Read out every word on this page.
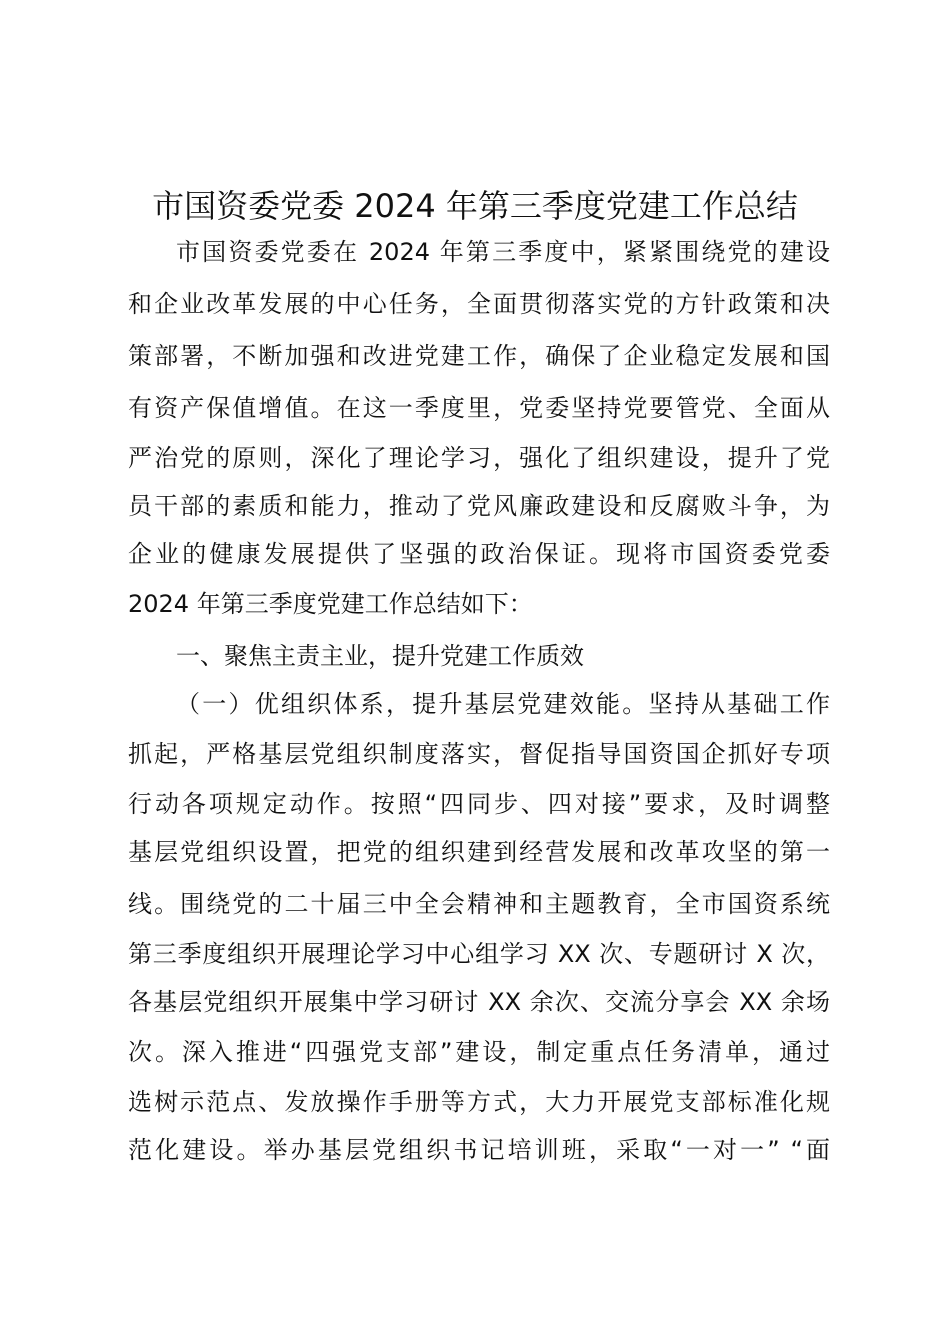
市国资委党委 2024 年第三季度党建工作总结
市国资委党委在 2024 年第三季度中，紧紧围绕党的建设
和企业改革发展的中心任务，全面贯彻落实党的方针政策和决
策部署，不断加强和改进党建工作，确保了企业稳定发展和国
有资产保值增值。在这一季度里，党委坚持党要管党、全面从
严治党的原则，深化了理论学习，强化了组织建设，提升了党
员干部的素质和能力，推动了党风廉政建设和反腐败斗争，为
企业的健康发展提供了坚强的政治保证。现将市国资委党委
2024 年第三季度党建工作总结如下：
一、聚焦主责主业，提升党建工作质效
（一）优组织体系，提升基层党建效能。坚持从基础工作
抓起，严格基层党组织制度落实，督促指导国资国企抓好专项
行动各项规定动作。按照“四同步、四对接”要求，及时调整
基层党组织设置，把党的组织建到经营发展和改革攻坚的第一
线。围绕党的二十届三中全会精神和主题教育，全市国资系统
第三季度组织开展理论学习中心组学习 XX 次、专题研讨 X 次，
各基层党组织开展集中学习研讨 XX 余次、交流分享会 XX 余场
次。深入推进“四强党支部”建设，制定重点任务清单，通过
选树示范点、发放操作手册等方式，大力开展党支部标准化规
范化建设。举办基层党组织书记培训班，采取“一对一” “面
